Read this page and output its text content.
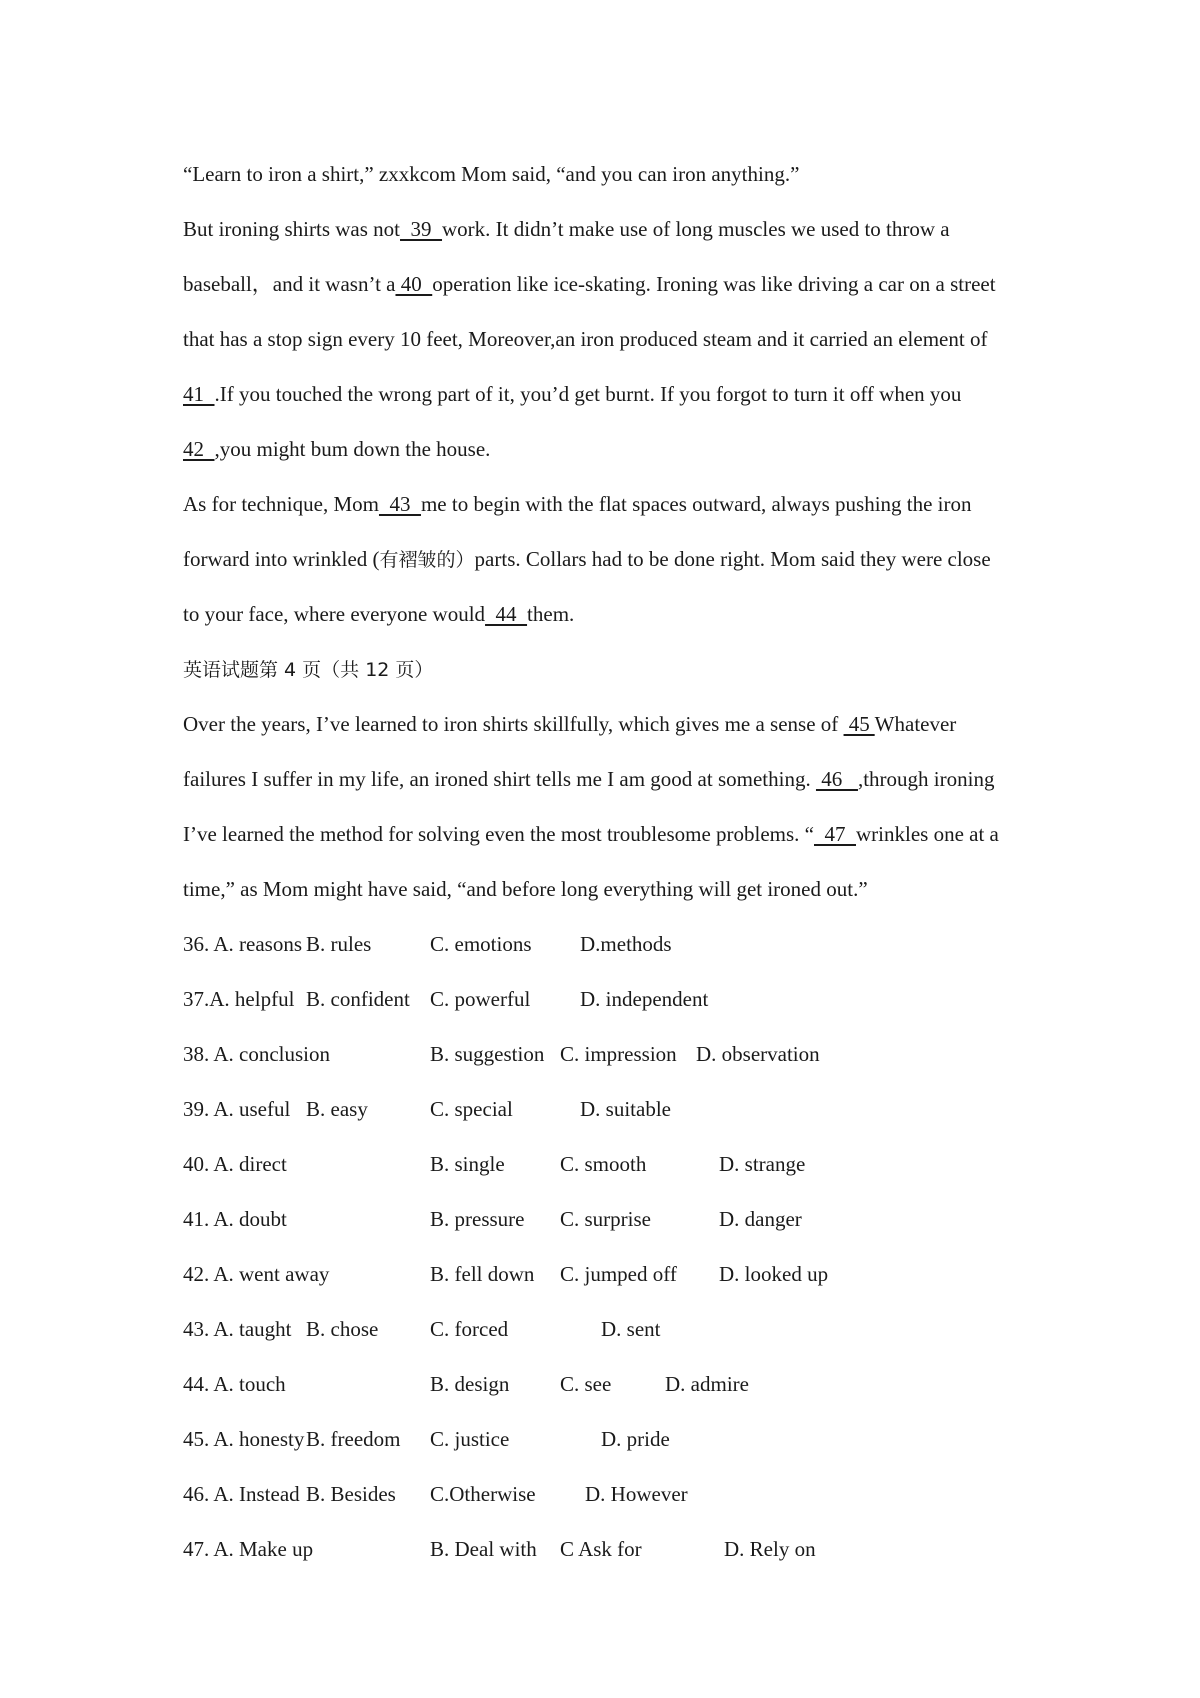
“Learn to iron a shirt,” zxxkcom Mom said, “and you can iron anything.”
But ironing shirts was not  39  work. It didn’t make use of long muscles we used to throw a
baseball，and it wasn’t a 40  operation like ice-skating. Ironing was like driving a car on a street
that has a stop sign every 10 feet, Moreover,an iron produced steam and it carried an element of
41  .If you touched the wrong part of it, you’d get burnt. If you forgot to turn it off when you
42  ,you might bum down the house.
As for technique, Mom  43  me to begin with the flat spaces outward, always pushing the iron
forward into wrinkled (有褶皱的）parts. Collars had to be done right. Mom said they were close
to your face, where everyone would  44  them.
英语试题第 4 页（共 12 页）
Over the years, I’ve learned to iron shirts skillfully, which gives me a sense of  45 Whatever
failures I suffer in my life, an ironed shirt tells me I am good at something.  46   ,through ironing
I’ve learned the method for solving even the most troublesome problems. “  47  wrinkles one at a
time,” as Mom might have said, “and before long everything will get ironed out.”
36. A. reasons B. rules	C. emotions D.methods
37.A. helpful B. confident C. powerful D. independent
38. A. conclusion	B. suggestion C. impression D. observation
39. A. useful B. easy	C. special	D. suitable
40. A. direct	B. single	C. smooth	D. strange
41. A. doubt	B. pressure C. surprise	D. danger
42. A. went away	B. fell down C. jumped off D. looked up
43. A. taught B. chose C. forced	D. sent
44. A. touch	B. design C. see	D. admire
45. A. honesty B. freedom C. justice	D. pride
46. A. Instead B. Besides C.Otherwise D. However
47. A. Make up	B. Deal with C Ask for	D. Rely on
